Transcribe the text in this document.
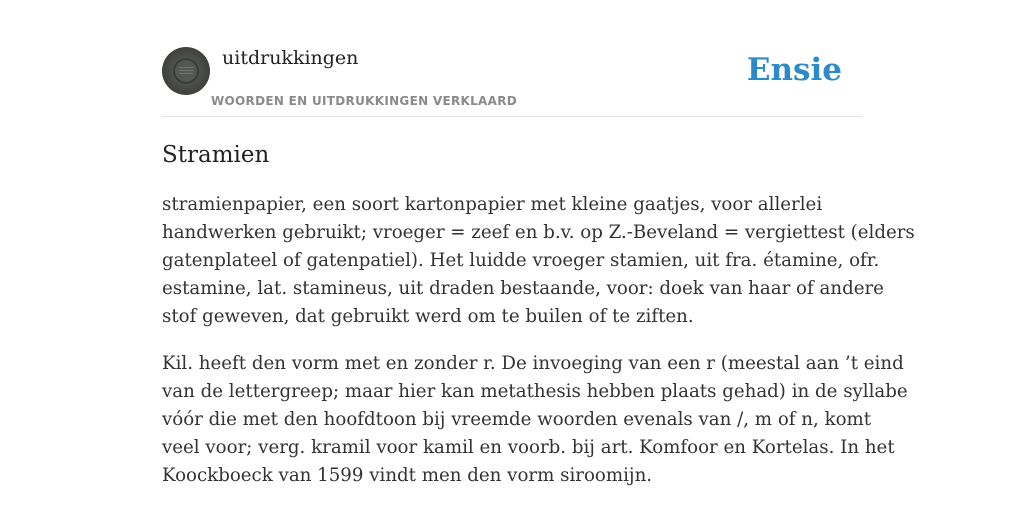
uitdrukkingen
WOORDEN EN UITDRUKKINGEN VERKLAARD
Ensie
Stramien

stramienpapier, een soort kartonpapier met kleine gaatjes, voor allerlei
handwerken gebruikt; vroeger = zeef en b.v. op Z.-Beveland = vergiettest (elders
gatenplateel of gatenpatiel). Het luidde vroeger stamien, uit fra. étamine, ofr.
estamine, lat. stamineus, uit draden bestaande, voor: doek van haar of andere
stof geweven, dat gebruikt werd om te builen of te ziften.

Kil. heeft den vorm met en zonder r. De invoeging van een r (meestal aan ’t eind
van de lettergreep; maar hier kan metathesis hebben plaats gehad) in de syllabe
vóór die met den hoofdtoon bij vreemde woorden evenals van /, m of n, komt
veel voor; verg. kramil voor kamil en voorb. bij art. Komfoor en Kortelas. In het
Koockboeck van 1599 vindt men den vorm siroomijn.
